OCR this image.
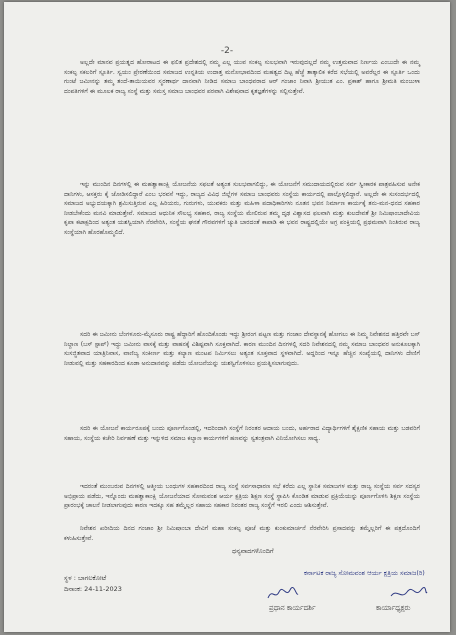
-2-

ಅಲ್ಲದೇ ಮಾನವ ಪ್ರಯತ್ನದ ಹೋರಾಟದ ಈ ಫಲಿತ ಪ್ರದೇಶದಲ್ಲಿ ನಮ್ಮ ಎಲ್ಲ ಯುವ ಸಂಕಲ್ಪ ಸುಲಭವಾಗಿ ಇರುವುದಲ್ಲದೆ ನಮ್ಮ ಉತ್ತಮವಾದ ನಿರ್ಣಯ ಎಂಬುದೇ ಈ ನಮ್ಮ ಸಂಕಲ್ಪ ಸಕಲರಿಗೆ ಸ್ಪೂರ್ತಿ. ಸ್ವಯಂ ಪ್ರೇರಣೆಯಿಂದ ಸಮಾಜದ ಉನ್ನತಿಯ ಉದಾತ್ತ ಮನೋಭಾವದಿಂದ ಮಹತ್ವದ ದಿಟ್ಟ ಹೆಜ್ಜೆ ತಾತ್ಕಾಲಿಕ ಕರೆದ ಸಭೆಯಲ್ಲಿ ಅವರೆಲ್ಲರ ಈ ಸ್ಪೂರ್ತಿ ಒಂದು ಗುಂಟೆ ಜಮೀನನ್ನು ತಮ್ಮ ತಂದೆ-ತಾಯಿಯವರ ಸ್ಮರಣಾರ್ಥ ದಾನವಾಗಿ ನೀಡಿದ ಸಮಾಜ ಬಾಂಧವರಾದ ಆರ್ ಗಂಜಾಂ ನಿವಾಸಿ ಶ್ರೀಯುತ ಎಂ. ಪ್ರಕಾಶ್ ಹಾಗೂ ಶ್ರೀಮತಿ ಮಂಜುಳಾ ದಂಪತಿಗಳಿಗೆ ಈ ಮೂಲಕ ರಾಜ್ಯ ಸಂಸ್ಥೆ ಮತ್ತು ಸಮಸ್ತ ಸಮಾಜ ಬಾಂಧವರ ಪರವಾಗಿ ವಿಶೇಷವಾದ ಕೃತಜ್ಞತೆಗಳನ್ನು ಸಲ್ಲಿಸುತ್ತೇವೆ.

ಇನ್ನು ಮುಂದಿನ ದಿನಗಳಲ್ಲಿ ಈ ಮಹತ್ವಾಕಾಂಕ್ಷಿ ಯೋಜನೆಯ ಸಫಲತೆ ಅತ್ಯಂತ ಸುಲಭವಾಗಲಿದ್ದು, ಈ ಯೋಜನೆಗೆ ಸಮುದಾಯದಲ್ಲಿರುವ ಸರ್ವ ಸ್ವೀಕಾರಕ ಪಾತ್ರವಹಿಸುವ ಅನೇಕ ದಾನಿಗಳು, ಆಸಕ್ತರು ಕೈ ಜೋಡಿಸಲಿದ್ದಾರೆ ಎಂಬ ಭರವಸೆ ಇದ್ದು, ರಾಜ್ಯದ ವಿವಿಧ ಜಿಲ್ಲೆಗಳ ಸಮಾಜ ಬಾಂಧವರು ಸಂಸ್ಥೆಯ ಕಾರ್ಯದಲ್ಲಿ ಪಾಲ್ಗೊಳ್ಳಲಿದ್ದಾರೆ. ಅಲ್ಲದೇ ಈ ಸುಸಂದರ್ಭದಲ್ಲಿ ಸಮಾಜದ ಅಭ್ಯುದಯಕ್ಕಾಗಿ ಶ್ರಮಿಸುತ್ತಿರುವ ಎಲ್ಲ ಹಿರಿಯರು, ಗುರುಗಳು, ಯುವಕರು ಮತ್ತು ಮಹಿಳಾ ಪದಾಧಿಕಾರಿಗಳು ನೂತನ ಭವನ ನಿರ್ಮಾಣ ಕಾರ್ಯಕ್ಕೆ ತನು-ಮನ-ಧನದ ಸಹಕಾರ ನೀಡಬೇಕೆಂದು ಮನವಿ ಮಾಡುತ್ತೇವೆ. ಸಮಾಜದ ಆಧುನಿಕ ಸೌಲಭ್ಯ ಸಹಕಾರ, ರಾಜ್ಯ ಸಂಸ್ಥೆಯ ಮೇಲಿರುವ ತಮ್ಮ ದೃಢ ವಿಶ್ವಾಸದ ಫಲವಾಗಿ ಮತ್ತು ಕುಲದೇವತೆ ಶ್ರೀ ನಿಮಿಷಾಂಬಾದೇವಿಯ ಕೃಪಾ ಕಟಾಕ್ಷದಿಂದ ಅತ್ಯಂತ ಯಶಸ್ವಿಯಾಗಿ ನೆರವೇರಿಸಿ, ಸಂಸ್ಥೆಯ ಘನತೆ ಗೌರವಗಳಿಗೆ ಚ್ಯುತಿ ಬಾರದಂತೆ ಕಾಪಾಡಿ ಈ ಭವನ ರಾಷ್ಟ್ರದಲ್ಲಿಯೇ ಅಗ್ರ ಪಂಕ್ತಿಯಲ್ಲಿ ಪ್ರಥಮವಾಗಿ ನಿಂತಿರುವ ರಾಜ್ಯ ಸಂಸ್ಥೆಯಾಗಿ ಹೊರಹೊಮ್ಮಲಿದೆ.

ಸದರಿ ಈ ಜಮೀನು ಬೆಂಗಳೂರು-ಮೈಸೂರು ರಾಷ್ಟ್ರ ಹೆದ್ದಾರಿಗೆ ಹೊಂದಿಕೊಂಡು ಇದ್ದು ಶ್ರೀರಂಗ ಪಟ್ಟಣ ಮತ್ತು ಗಂಜಾಂ ದೇವಸ್ಥಾನಕ್ಕೆ ಹೋಗಲು ಈ ನಿಮ್ಮ ನಿವೇಶನದ ಹತ್ತಿರವೇ ಬಸ್ ನಿಲ್ದಾಣ (ಬಸ್ ಸ್ಟಾಪ್) ಇದ್ದು ಜಮೀನು ವಾಸಕ್ಕೆ ಮತ್ತು ವಾಹನಕ್ಕೆ ವಿಶಿಷ್ಟವಾಗಿ ಸೂಕ್ತವಾಗಿದೆ. ಕಾರಣ ಮುಂದಿನ ದಿನಗಳಲ್ಲಿ ಸದರಿ ನಿವೇಶನದಲ್ಲಿ ನಮ್ಮ ಸಮಾಜ ಬಾಂಧವರ ಅನುಕೂಲಕ್ಕಾಗಿ ಸುಸಜ್ಜಿತವಾದ ಯಾತ್ರಿನಿವಾಸ, ವಾಣಿಜ್ಯ ಸಂಕೀರ್ಣ ಮತ್ತು ಕಲ್ಯಾಣ ಮಂಟಪ ನಿರ್ಮಿಸಲು ಅತ್ಯಂತ ಸೂಕ್ತವಾದ ಸ್ಥಳವಾಗಿದೆ. ಅದ್ದರಿಂದ ಇನ್ನೂ ಹೆಚ್ಚಿನ ಸಂಖ್ಯೆಯಲ್ಲಿ ದಾನಿಗಳು ದೇಣಿಗೆ ನೀಡುವಲ್ಲಿ ಮತ್ತು ಸಹಕಾರದಿಂದ ಕೂಡಾ ಅನುದಾನವನ್ನು ಪಡೆದು ಯೋಜನೆಯನ್ನು ಯಶಸ್ವಿಗೊಳಿಸಲು ಪ್ರಯತ್ನಿಸಲಾಗುವುದು.

ಸದರಿ ಈ ಯೋಜನೆ ಕಾರ್ಯರೂಪಕ್ಕೆ ಬಂದು ಪೂರ್ಣಗೊಂಡಲ್ಲಿ, ಇದರಿಂದಾಗಿ ಸಂಸ್ಥೆಗೆ ನಿರಂತರ ಆದಾಯ ಬಂದು, ಅರ್ಹರಾದ ವಿದ್ಯಾರ್ಥಿಗಳಿಗೆ ಶೈಕ್ಷಣಿಕ ಸಹಾಯ ಮತ್ತು ಬಡವರಿಗೆ ಸಹಾಯ, ಸಂಸ್ಥೆಯ ಕಚೇರಿ ನಿರ್ವಹಣೆ ಮತ್ತು ಇನ್ನುಳಿದ ಸಮಾಜ ಕಲ್ಯಾಣ ಕಾರ್ಯಗಳಿಗೆ ಹಣವನ್ನು ಸ್ವತಂತ್ರವಾಗಿ ವಿನಿಯೋಗಿಸಲು ಸಾಧ್ಯ.

ಇದರಂತೆ ಮುಂಬರುವ ದಿನಗಳಲ್ಲಿ ಆತ್ಮೀಯ ಬಂಧುಗಳ ಸಹಕಾರದಿಂದ ರಾಜ್ಯ ಸಂಸ್ಥೆ ಸರ್ವಸಾಧಾರಣ ಸಭೆ ಕರೆದು ಎಲ್ಲ ಸ್ಥಾನಿಕ ಸಮಾಜಗಳ ಮತ್ತು ರಾಜ್ಯ ಸಂಸ್ಥೆಯ ಸರ್ವ ಸದಸ್ಯರ ಅಭಿಪ್ರಾಯ ಪಡೆದು, ಇನ್ನೊಂದು ಮಹತ್ವಾಕಾಂಕ್ಷಿ ಯೋಜನೆಯಾದ ಸೋಮವಂಶ ಆರ್ಯ ಕ್ಷತ್ರಿಯ ಶಿಕ್ಷಣ ಸಂಸ್ಥೆ ಸ್ಥಾಪಿಸಿ ಕೊಂಡಿತ ಮಾಡುವ ಪ್ರಕ್ರಿಯೆಯನ್ನು ಪೂರ್ಣಗೊಳಿಸಿ ಶಿಕ್ಷಣ ಸಂಸ್ಥೆಯ ಪ್ರಾರಂಭಕ್ಕೆ ಚಾಲನೆ ನೀಡಲಾಗುವುದು ಕಾರಣ ಇದಕ್ಕೂ ಸಹ ತಮ್ಮೆಲ್ಲರ ಸಹಾಯ ಸಹಕಾರ ನಿರಂತರ ರಾಜ್ಯ ಸಂಸ್ಥೆಗೆ ಇರಲಿ ಎಂದು ಆಶಿಸುತ್ತೇವೆ.

ನಿವೇಶನ ಖರೀದಿಯ ದಿನದ ಗಂಜಾಂ ಶ್ರೀ ನಿಮಿಷಾಂಬಾ ದೇವಿಗೆ ಮಹಾ ಸಂಕಲ್ಪ ಪೂಜೆ ಮತ್ತು ಕುಂಕುಮಾರ್ಚನೆ ನೆರವೇರಿಸಿ ಪ್ರಸಾದವನ್ನು ತಮ್ಮೆಲ್ಲರಿಗೆ ಈ ಪತ್ರದೊಂದಿಗೆ ಕಳುಹಿಸುತ್ತೇವೆ.

ಧನ್ಯವಾದಗಳೊಂದಿಗೆ
ಸ್ಥಳ : ಬಾಗಲಕೋಟೆ
ದಿನಾಂಕ: 24-11-2023
ಕರ್ನಾಟಕ ರಾಜ್ಯ ಸೋಮವಂಶ ಆರ್ಯ ಕ್ಷತ್ರಿಯ ಸಮಾಜ(ರಿ)
ಪ್ರಧಾನ ಕಾರ್ಯದರ್ಶಿ	ಕಾರ್ಯಾಧ್ಯಕ್ಷರು
